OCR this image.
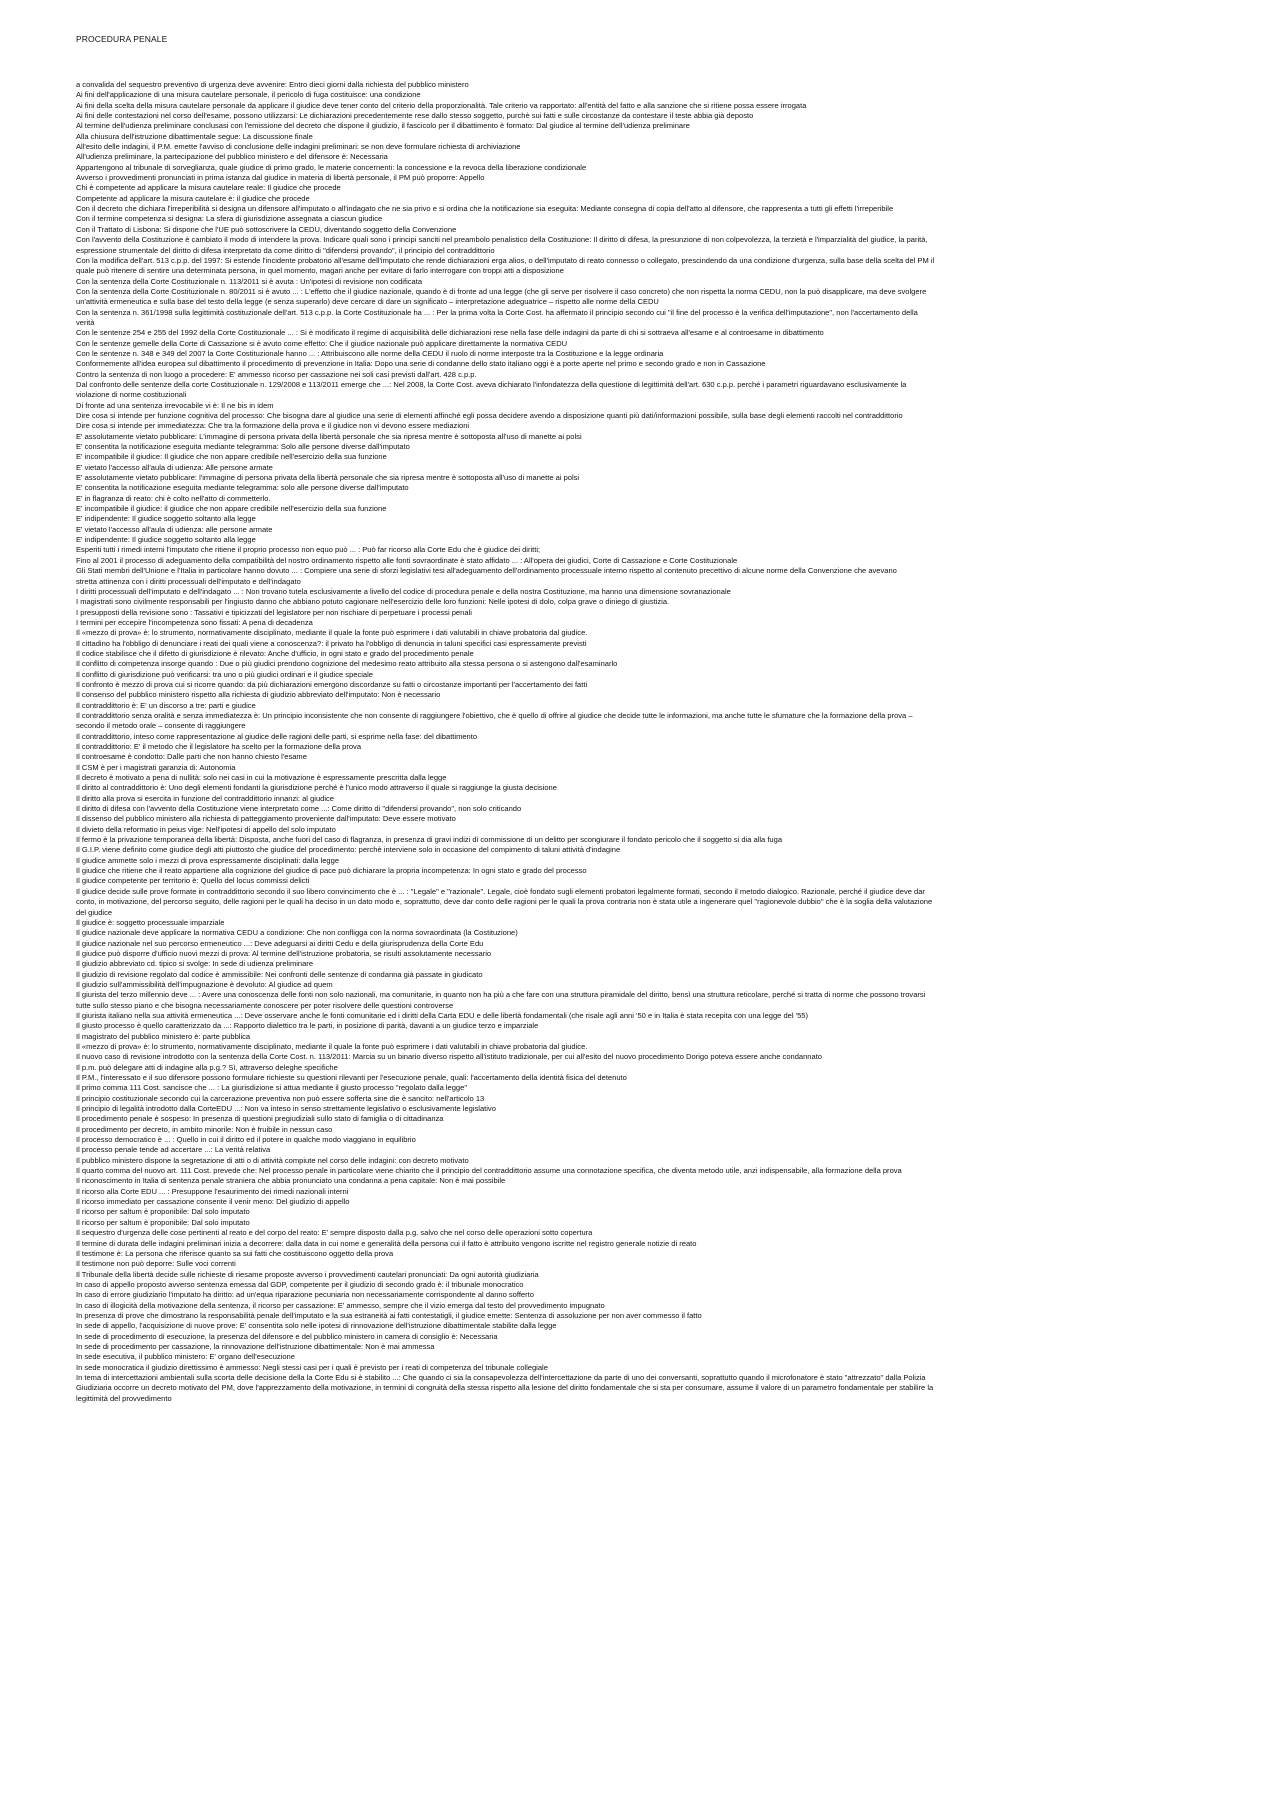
PROCEDURA PENALE
a convalida del sequestro preventivo di urgenza deve avvenire: Entro dieci giorni dalla richiesta del pubblico ministero
Ai fini dell'applicazione di una misura cautelare personale, il pericolo di fuga costituisce: una condizione
Ai fini della scelta della misura cautelare personale da applicare il giudice deve tener conto del criterio della proporzionalità. Tale criterio va rapportato: all'entità del fatto e alla sanzione che si ritiene possa essere irrogata
Ai fini delle contestazioni nel corso dell'esame, possono utilizzarsi: Le dichiarazioni precedentemente rese dallo stesso soggetto, purchè sui fatti e sulle circostanze da contestare il teste abbia già deposto
Al termine dell'udienza preliminare conclusasi con l'emissione del decreto che dispone il giudizio, il fascicolo per il dibattimento è formato: Dal giudice al termine dell'udienza preliminare
Alla chiusura dell'istruzione dibattimentale segue: La discussione finale
All'esito delle indagini, il P.M. emette l'avviso di conclusione delle indagini preliminari: se non deve formulare richiesta di archiviazione
All'udienza preliminare, la partecipazione del pubblico ministero e del difensore è: Necessaria
Appartengono al tribunale di sorveglianza, quale giudice di primo grado, le materie concernenti: la concessione e la revoca della liberazione condizionale
Avverso i provvedimenti pronunciati in prima istanza dal giudice in materia di libertà personale, il PM può proporre: Appello
Chi è competente ad applicare la misura cautelare reale: Il giudice che procede
Competente ad applicare la misura cautelare è: il giudice che procede
Con il decreto che dichiara l'irreperibilità si designa un difensore all'imputato o all'indagato che ne sia privo e si ordina che la notificazione sia eseguita: Mediante consegna di copia dell'atto al difensore, che rappresenta a tutti gli effetti l'irreperibile
Con il termine competenza si designa: La sfera di giurisdizione assegnata a ciascun giudice
Con il Trattato di Lisbona: Si dispone che l'UE può sottoscrivere la CEDU, diventando soggetto della Convenzione
Con l'avvento della Costituzione è cambiato il modo di intendere la prova. Indicare quali sono i principi sanciti nel preambolo penalistico della Costituzione: Il diritto di difesa, la presunzione di non colpevolezza, la terzietà e l'imparzialità del giudice, la parità,
espressione strumentale del diritto di difesa interpretato da come diritto di "difendersi provando", il principio del contraddittorio
Con la modifica dell'art. 513 c.p.p. del 1997: Si estende l'incidente probatorio all'esame dell'imputato che rende dichiarazioni erga alios, o dell'imputato di reato connesso o collegato, prescindendo da una condizione d'urgenza, sulla base della scelta del PM il
quale può ritenere di sentire una determinata persona, in quel momento, magari anche per evitare di farlo interrogare con troppi atti a disposizione
Con la sentenza della Corte Costituzionale n. 113/2011 si è avuta : Un'ipotesi di revisione non codificata
Con la sentenza della Corte Costituzionale n. 80/2011 si è avuto ... : L'effetto che il giudice nazionale, quando è di fronte ad una legge (che gli serve per risolvere il caso concreto) che non rispetta la norma CEDU, non la può disapplicare, ma deve svolgere
un'attività ermeneutica e sulla base del testo della legge (e senza superarlo) deve cercare di dare un significato – interpretazione adeguatrice – rispetto alle norme della CEDU
Con la sentenza n. 361/1998 sulla legittimità costituzionale dell'art. 513 c.p.p. la Corte Costituzionale ha ... : Per la prima volta la Corte Cost. ha affermato il principio secondo cui "il fine del processo è la verifica dell'imputazione", non l'accertamento della
verità
Con le sentenze 254 e 255 del 1992 della Corte Costituzionale ... : Si è modificato il regime di acquisibilità delle dichiarazioni rese nella fase delle indagini da parte di chi si sottraeva all'esame e al controesame in dibattimento
Con le sentenze gemelle della Corte di Cassazione si è avuto come effetto: Che il giudice nazionale può applicare direttamente la normativa CEDU
Con le sentenze n. 348 e 349 del 2007 la Corte Costituzionale hanno ... : Attribuiscono alle norme della CEDU il ruolo di norme interposte tra la Costituzione e la legge ordinaria
Conformemente all'idea europea sul dibattimento il procedimento di prevenzione in Italia: Dopo una serie di condanne dello stato italiano oggi è a porte aperte nel primo e secondo grado e non in Cassazione
Contro la sentenza di non luogo a procedere: E' ammesso ricorso per cassazione nei soli casi previsti dall'art. 428 c.p.p.
Dal confronto delle sentenze della corte Costituzionale n. 129/2008 e 113/2011 emerge che ...: Nel 2008, la Corte Cost. aveva dichiarato l'infondatezza della questione di legittimità dell'art. 630 c.p.p. perché i parametri riguardavano esclusivamente la
violazione di norme costituzionali
Di fronte ad una sentenza irrevocabile vi è: Il ne bis in idem
Dire cosa si intende per funzione cognitiva del processo: Che bisogna dare al giudice una serie di elementi affinché egli possa decidere avendo a disposizione quanti più dati/informazioni possibile, sulla base degli elementi raccolti nel contraddittorio
Dire cosa si intende per immediatezza: Che tra la formazione della prova e il giudice non vi devono essere mediazioni
E' assolutamente vietato pubblicare: L'immagine di persona privata della libertà personale che sia ripresa mentre è sottoposta all'uso di manette ai polsi
E' consentita la notificazione eseguita mediante telegramma: Solo alle persone diverse dall'imputato
E' incompatibile il giudice: Il giudice che non appare credibile nell'esercizio della sua funzione
E' vietato l'accesso all'aula di udienza: Alle persone armate
E' assolutamente vietato pubblicare: l'immagine di persona privata della libertà personale che sia ripresa mentre è sottoposta all'uso di manette ai polsi
E' consentita la notificazione eseguita mediante telegramma: solo alle persone diverse dall'imputato
E' in flagranza di reato: chi è colto nell'atto di commetterlo.
E' incompatibile il giudice: il giudice che non appare credibile nell'esercizio della sua funzione
E' indipendente: Il giudice soggetto soltanto alla legge
E' vietato l'accesso all'aula di udienza: alle persone armate
E' indipendente: Il giudice soggetto soltanto alla legge
Esperiti tutti i rimedi interni l'imputato che ritiene il proprio processo non equo può ... : Può far ricorso alla Corte Edu che è giudice dei diritti;
Fino al 2001 il processo di adeguamento della compatibilità del nostro ordinamento rispetto alle fonti sovraordinate è stato affidato ... : All'opera dei giudici, Corte di Cassazione e Corte Costituzionale
Gli Stati membri dell'Unione e l'Italia in particolare hanno dovuto ... : Compiere una serie di sforzi legislativi tesi all'adeguamento dell'ordinamento processuale interno rispetto al contenuto precettivo di alcune norme della Convenzione che avevano
stretta attinenza con i diritti processuali dell'imputato e dell'indagato
I diritti processuali dell'imputato e dell'indagato ... : Non trovano tutela esclusivamente a livello del codice di procedura penale e della nostra Costituzione, ma hanno una dimensione sovranazionale
I magistrati sono civilmente responsabili per l'ingiusto danno che abbiano potuto cagionare nell'esercizio delle loro funzioni: Nelle ipotesi di dolo, colpa grave o diniego di giustizia.
I presupposti della revisione sono : Tassativi e tipicizzati del legislatore per non rischiare di perpetuare i processi penali
I termini per eccepire l'incompetenza sono fissati: A pena di decadenza
Il «mezzo di prova» è: lo strumento, normativamente disciplinato, mediante il quale la fonte può esprimere i dati valutabili in chiave probatoria dal giudice.
Il cittadino ha l'obbligo di denunciare i reati dei quali viene a conoscenza?: il privato ha l'obbligo di denuncia in taluni specifici casi espressamente previsti
Il codice stabilisce che il difetto di giurisdizione è rilevato: Anche d'ufficio, in ogni stato e grado del procedimento penale
Il conflitto di competenza insorge quando : Due o più giudici prendono cognizione del medesimo reato attribuito alla stessa persona o si astengono dall'esaminarlo
Il conflitto di giurisdizione può verificarsi: tra uno o più giudici ordinari e il giudice speciale
Il confronto è mezzo di prova cui si ricorre quando: da più dichiarazioni emergono discordanze su fatti o circostanze importanti per l'accertamento dei fatti
Il consenso del pubblico ministero rispetto alla richiesta di giudizio abbreviato dell'imputato: Non è necessario
Il contraddittorio è: E' un discorso a tre: parti e giudice
Il contraddittorio senza oralità e senza immediatezza è: Un principio inconsistente che non consente di raggiungere l'obiettivo, che è quello di offrire al giudice che decide tutte le informazioni, ma anche tutte le sfumature che la formazione della prova –
secondo il metodo orale – consente di raggiungere
Il contraddittorio, inteso come rappresentazione al giudice delle ragioni delle parti, si esprime nella fase: del dibattimento
Il contraddittorio: E' il metodo che il legislatore ha scelto per la formazione della prova
Il controesame è condotto: Dalle parti che non hanno chiesto l'esame
Il CSM è per i magistrati garanzia di: Autonomia
Il decreto è motivato a pena di nullità: solo nei casi in cui la motivazione è espressamente prescritta dalla legge
Il diritto al contraddittorio è: Uno degli elementi fondanti la giurisdizione perché è l'unico modo attraverso il quale si raggiunge la giusta decisione
Il diritto alla prova si esercita in funzione del contraddittorio innanzi: al giudice
Il diritto di difesa con l'avvento della Costituzione viene interpretato come ...: Come diritto di "difendersi provando", non solo criticando
Il dissenso del pubblico ministero alla richiesta di patteggiamento proveniente dall'imputato: Deve essere motivato
Il divieto della reformatio in peius vige: Nell'ipotesi di appello del solo imputato
Il fermo è la privazione temporanea della libertà: Disposta, anche fuori del caso di flagranza, in presenza di gravi indizi di commissione di un delitto per scongiurare il fondato pericolo che il soggetto si dia alla fuga
Il G.I.P. viene definito come giudice degli atti piuttosto che giudice del procedimento: perchè interviene solo in occasione del compimento di taluni attività d'indagine
Il giudice ammette solo i mezzi di prova espressamente disciplinati: dalla legge
Il giudice che ritiene che il reato appartiene alla cognizione del giudice di pace può dichiarare la propria incompetenza: In ogni stato e grado del processo
Il giudice competente per territorio è: Quello del locus commissi delicti
Il giudice decide sulle prove formate in contraddittorio secondo il suo libero convincimento che è ... : "Legale" e "razionale". Legale, cioè fondato sugli elementi probatori legalmente formati, secondo il metodo dialogico. Razionale, perché il giudice deve dar
conto, in motivazione, del percorso seguito, delle ragioni per le quali ha deciso in un dato modo e, soprattutto, deve dar conto delle ragioni per le quali la prova contraria non è stata utile a ingenerare quel "ragionevole dubbio" che è la soglia della valutazione
del giudice
Il giudice è: soggetto processuale imparziale
Il giudice nazionale deve applicare la normativa CEDU a condizione: Che non confligga con la norma sovraordinata (la Costituzione)
Il giudice nazionale nel suo percorso ermeneutico ...: Deve adeguarsi ai diritti Cedu e della giurisprudenza della Corte Edu
Il giudice può disporre d'ufficio nuovi mezzi di prova: Al termine dell'istruzione probatoria, se risulti assolutamente necessario
Il giudizio abbreviato cd. tipico si svolge: In sede di udienza preliminare
Il giudizio di revisione regolato dal codice è ammissibile: Nei confronti delle sentenze di condanna già passate in giudicato
Il giudizio sull'ammissibilità dell'impugnazione è devoluto: Al giudice ad quem
Il giurista del terzo millennio deve ... : Avere una conoscenza delle fonti non solo nazionali, ma comunitarie, in quanto non ha più a che fare con una struttura piramidale del diritto, bensì una struttura reticolare, perché si tratta di norme che possono trovarsi
tutte sullo stesso piano e che bisogna necessariamente conoscere per poter risolvere delle questioni controverse
Il giurista italiano nella sua attività ermeneutica ...: Deve osservare anche le fonti comunitarie ed i diritti della Carta EDU e delle libertà fondamentali (che risale agli anni '50 e in Italia è stata recepita con una legge del '55)
Il giusto processo è quello caratterizzato da ...: Rapporto dialettico tra le parti, in posizione di parità, davanti a un giudice terzo e imparziale
Il magistrato del pubblico ministero è: parte pubblica
Il «mezzo di prova» è: lo strumento, normativamente disciplinato, mediante il quale la fonte può esprimere i dati valutabili in chiave probatoria dal giudice.
Il nuovo caso di revisione introdotto con la sentenza della Corte Cost. n. 113/2011: Marcia su un binario diverso rispetto all'istituto tradizionale, per cui all'esito del nuovo procedimento Dorigo poteva essere anche condannato
Il p.m. può delegare atti di indagine alla p.g.? Sì, attraverso deleghe specifiche
Il P.M., l'interessato e il suo difensore possono formulare richieste su questioni rilevanti per l'esecuzione penale, quali: l'accertamento della identità fisica del detenuto
Il primo comma 111 Cost. sancisce che ... : La giurisdizione si attua mediante il giusto processo "regolato dalla legge"
Il principio costituzionale secondo cui la carcerazione preventiva non può essere sofferta sine die è sancito: nell'articolo 13
Il principio di legalità introdotto dalla CorteEDU ...: Non va inteso in senso strettamente legislativo o esclusivamente legislativo
Il procedimento penale è sospeso: In presenza di questioni pregiudiziali sullo stato di famiglia o di cittadinanza
Il procedimento per decreto, in ambito minorile: Non è fruibile in nessun caso
Il processo democratico è ... : Quello in cui il diritto ed il potere in qualche modo viaggiano in equilibrio
Il processo penale tende ad accertare ...: La verità relativa
Il pubblico ministero dispone la segretazione di atti o di attività compiute nel corso delle indagini: con decreto motivato
Il quarto comma del nuovo art. 111 Cost. prevede che: Nel processo penale in particolare viene chiarito che il principio del contraddittorio assume una connotazione specifica, che diventa metodo utile, anzi indispensabile, alla formazione della prova
Il riconoscimento in Italia di sentenza penale straniera che abbia pronunciato una condanna a pena capitale: Non è mai possibile
Il ricorso alla Corte EDU ... : Presuppone l'esaurimento dei rimedi nazionali interni
Il ricorso immediato per cassazione consente il venir meno: Del giudizio di appello
Il ricorso per saltum è proponibile: Dal solo imputato
Il ricorso per saltum è proponibile: Dal solo imputato
Il sequestro d'urgenza delle cose pertinenti al reato e del corpo del reato: E' sempre disposto dalla p.g. salvo che nel corso delle operazioni sotto copertura
Il termine di durata delle indagini preliminari inizia a decorrere: dalla data in cui nome e generalità della persona cui il fatto è attribuito vengono iscritte nel registro generale notizie di reato
Il testimone è: La persona che riferisce quanto sa sui fatti che costituiscono oggetto della prova
Il testimone non può deporre: Sulle voci correnti
Il Tribunale della libertà decide sulle richieste di riesame proposte avverso i provvedimenti cautelari pronunciati: Da ogni autorità giudiziaria
In caso di appello proposto avverso sentenza emessa dal GDP, competente per il giudizio di secondo grado è: il tribunale monocratico
In caso di errore giudiziario l'imputato ha diritto: ad un'equa riparazione pecuniaria non necessariamente corrispondente al danno sofferto
In caso di illogicità della motivazione della sentenza, il ricorso per cassazione: E' ammesso, sempre che il vizio emerga dal testo del provvedimento impugnato
In presenza di prove che dimostrano la responsabilità penale dell'imputato e la sua estraneità ai fatti contestatigli, il giudice emette: Sentenza di assoluzione per non aver commesso il fatto
In sede di appello, l'acquisizione di nuove prove: E' consentita solo nelle ipotesi di rinnovazione dell'istruzione dibattimentale stabilite dalla legge
In sede di procedimento di esecuzione, la presenza del difensore e del pubblico ministero in camera di consiglio è: Necessaria
In sede di procedimento per cassazione, la rinnovazione dell'istruzione dibattimentale: Non è mai ammessa
In sede esecutiva, il pubblico ministero: E' organo dell'esecuzione
In sede monocratica il giudizio direttissimo è ammesso: Negli stessi casi per i quali è previsto per i reati di competenza del tribunale collegiale
In tema di intercettazioni ambientali sulla scorta delle decisione della la Corte Edu si è stabilito ...: Che quando ci sia la consapevolezza dell'intercettazione da parte di uno dei conversanti, soprattutto quando il microfonatore è stato "attrezzato" dalla Polizia
Giudiziaria occorre un decreto motivato del PM, dove l'apprezzamento della motivazione, in termini di congruità della stessa rispetto alla lesione del diritto fondamentale che si sta per consumare, assume il valore di un parametro fondamentale per stabilire la
legittimità del provvedimento
